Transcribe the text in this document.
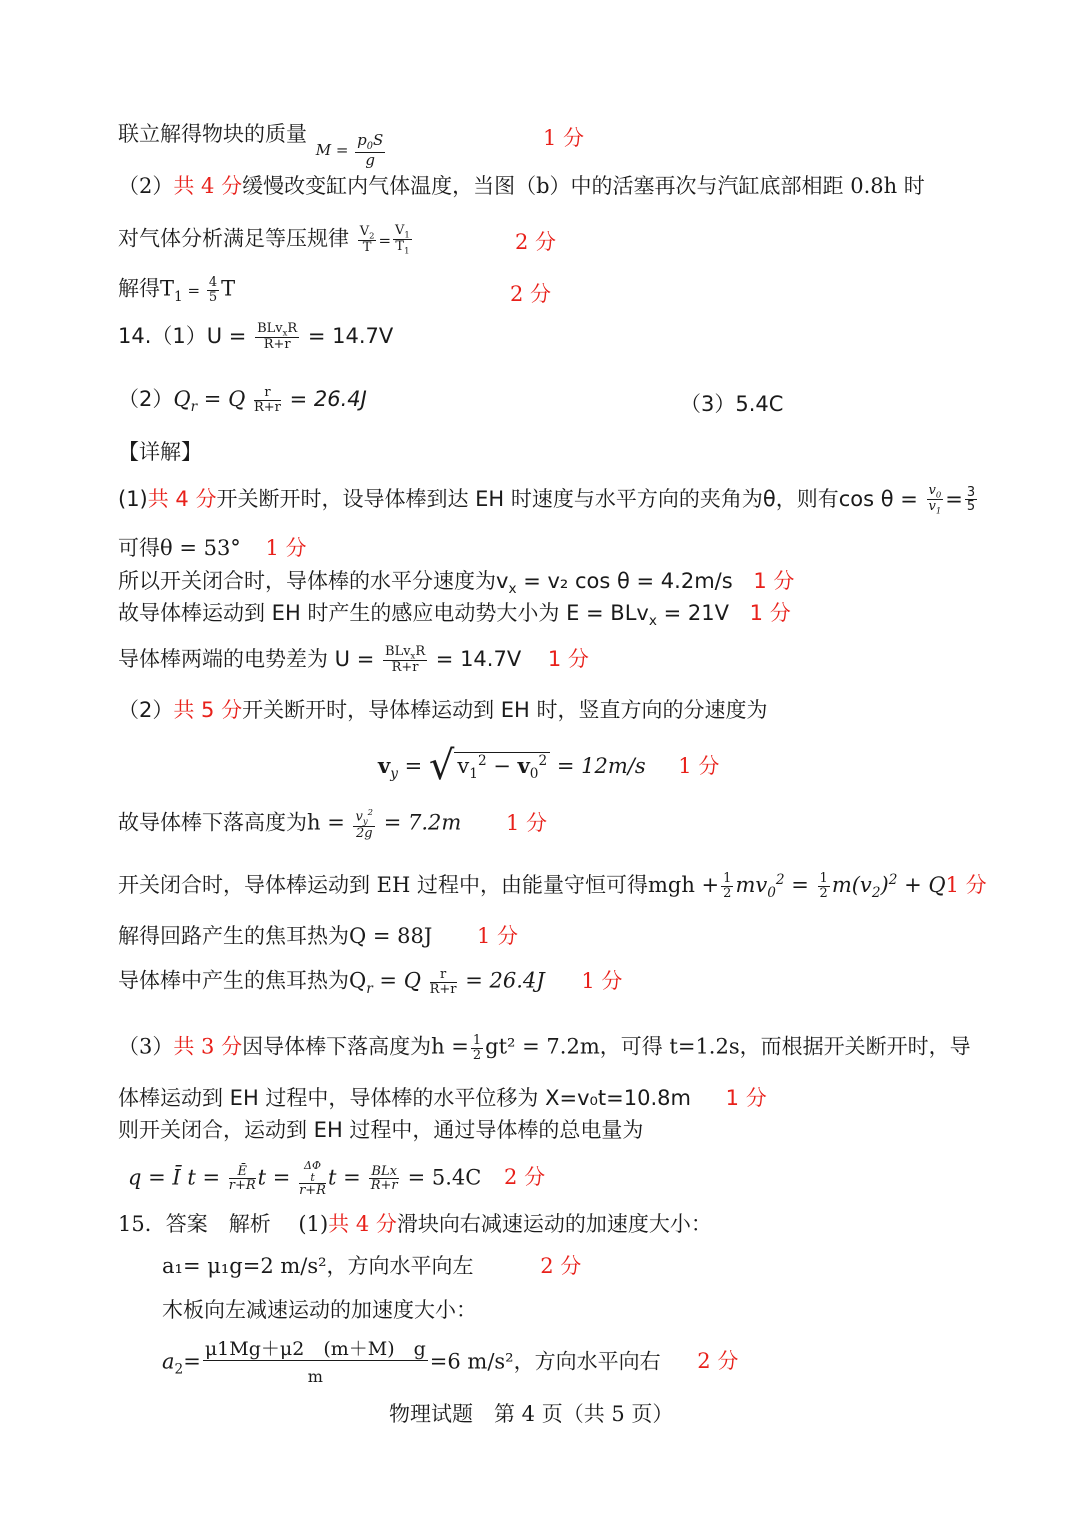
联立解得物块的质量
$M = \frac{p_0S}{g}$	1 分
（2）共 4 分缓慢改变缸内气体温度，当图（b）中的活塞再次与汽缸底部相距 0.8h 时
对气体分析满足等压规律 $\frac{V_2}{T} = \frac{V_1}{T_1}$	2 分
解得$T_1 = \frac{4}{5}$ T	2 分
$14.(1)U = \frac{BLv_xR}{R+r} = 14.7V$
$(2)Q_r = Q \frac{r}{R+r} = 26.4J$	（3）5.4C
【详解】
(1)共 4 分开关断开时，设导体棒到达 EH 时速度与水平方向的夹角为θ，则有$\cos \theta = \frac{v_0}{v_1} = \frac{3}{5}$
可得θ = 53° 1 分
所以开关闭合时，导体棒的水平分速度为$v_x = v_2$ cos θ = 4.2m/s 1 分
故导体棒运动到 EH 时产生的感应电动势大小为 E = BLv$_x$ = 21V 1 分
导体棒两端的电势差为 $U = \frac{BLv_xR}{R+r} = 14.7V$ 1 分
（2）共 5 分开关断开时，导体棒运动到 EH 时，竖直方向的分速度为
$v_y$ = √ $v_1^2 - v_0^2 = 12m/s$ 1 分
故导体棒下落高度为$h = \frac{v_y^2}{2g} = 7.2m$ 1 分
开关闭合时，导体棒运动到 EH 过程中，由能量守恒可得mgh + $\frac{1}{2} mv_0^2 = \frac{1}{2} m(v_2)^2 + Q1$ 分
解得回路产生的焦耳热为Q = 88J 1 分
导体棒中产生的焦耳热为$Q_r = Q \frac{r}{R+r} = 26.4J$ 1 分
（3）共 3 分因导体棒下落高度为$h = \frac{1}{2} gt^2 = 7.2m$，可得 t=1.2s，而根据开关断开时，导
体棒运动到 EH 过程中，导体棒的水平位移为 X=v₀t=10.8m 1 分
则开关闭合，运动到 EH 过程中，通过导体棒的总电量为
q = Ī $t = \frac{Ē}{r+R}$ t =	ΔΦ
t
r+R
$t = \frac{\text{BLx}}{R+r} = 5.4C$ 2 分
15．答案　解析　 (1)共 4 分滑块向右减速运动的加速度大小：
a₁= μ₁g=2 m/s²，方向水平向左	2 分
木板向左减速运动的加速度大小：
$a_2= \frac{\mu 1Mg+\mu 2 (m+M) g}{m} =6$ m/s²，方向水平向右 2 分
物理试题　第 4 页（共 5 页）
